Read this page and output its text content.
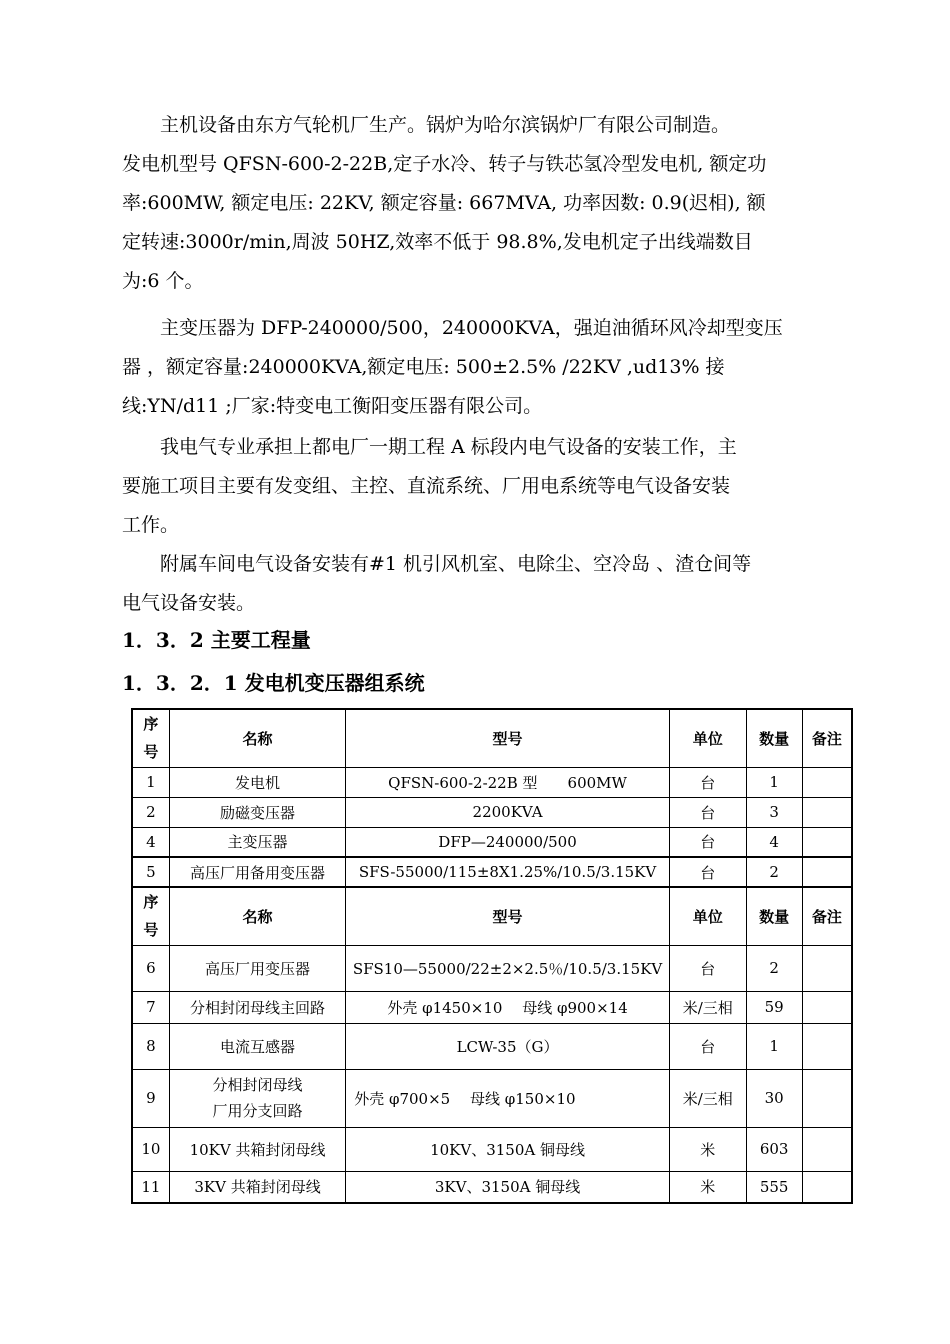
主机设备由东方气轮机厂生产。锅炉为哈尔滨锅炉厂有限公司制造。
发电机型号 QFSN-600-2-22B,定子水冷、转子与铁芯氢冷型发电机, 额定功
率:600MW, 额定电压: 22KV, 额定容量: 667MVA, 功率因数: 0.9(迟相), 额
定转速:3000r/min,周波 50HZ,效率不低于 98.8%,发电机定子出线端数目
为:6 个。
主变压器为 DFP-240000/500，240000KVA，强迫油循环风冷却型变压
器 ，额定容量:240000KVA,额定电压: 500±2.5% /22KV ,ud13% 接
线:YN/d11 ;厂家:特变电工衡阳变压器有限公司。
我电气专业承担上都电厂一期工程 A 标段内电气设备的安装工作，主
要施工项目主要有发变组、主控、直流系统、厂用电系统等电气设备安装
工作。
附属车间电气设备安装有#1 机引风机室、电除尘、空冷岛 、渣仓间等
电气设备安装。

1．3．2 主要工程量

1．3．2．1 发电机变压器组系统

序号	名称	型号	单位	数量	备注
1	发电机	QFSN-600-2-22B 型　　600MW	台	1	
2	励磁变压器	2200KVA	台	3	
4	主变压器	DFP—240000/500	台	4	
5	高压厂用备用变压器	SFS-55000/115±8X1.25%/10.5/3.15KV	台	2	
序号	名称	型号	单位	数量	备注
6	高压厂用变压器	SFS10—55000/22±2×2.5％/10.5/3.15KV	台	2	
7	分相封闭母线主回路	外壳 φ1450×10　 母线 φ900×14	米/三相	59	
8	电流互感器	LCW-35（G）	台	1	
9	分相封闭母线
厂用分支回路	外壳 φ700×5　 母线 φ150×10	米/三相	30	
10	10KV 共箱封闭母线	10KV、3150A 铜母线	米	603	
11	3KV 共箱封闭母线	3KV、3150A 铜母线	米	555	
